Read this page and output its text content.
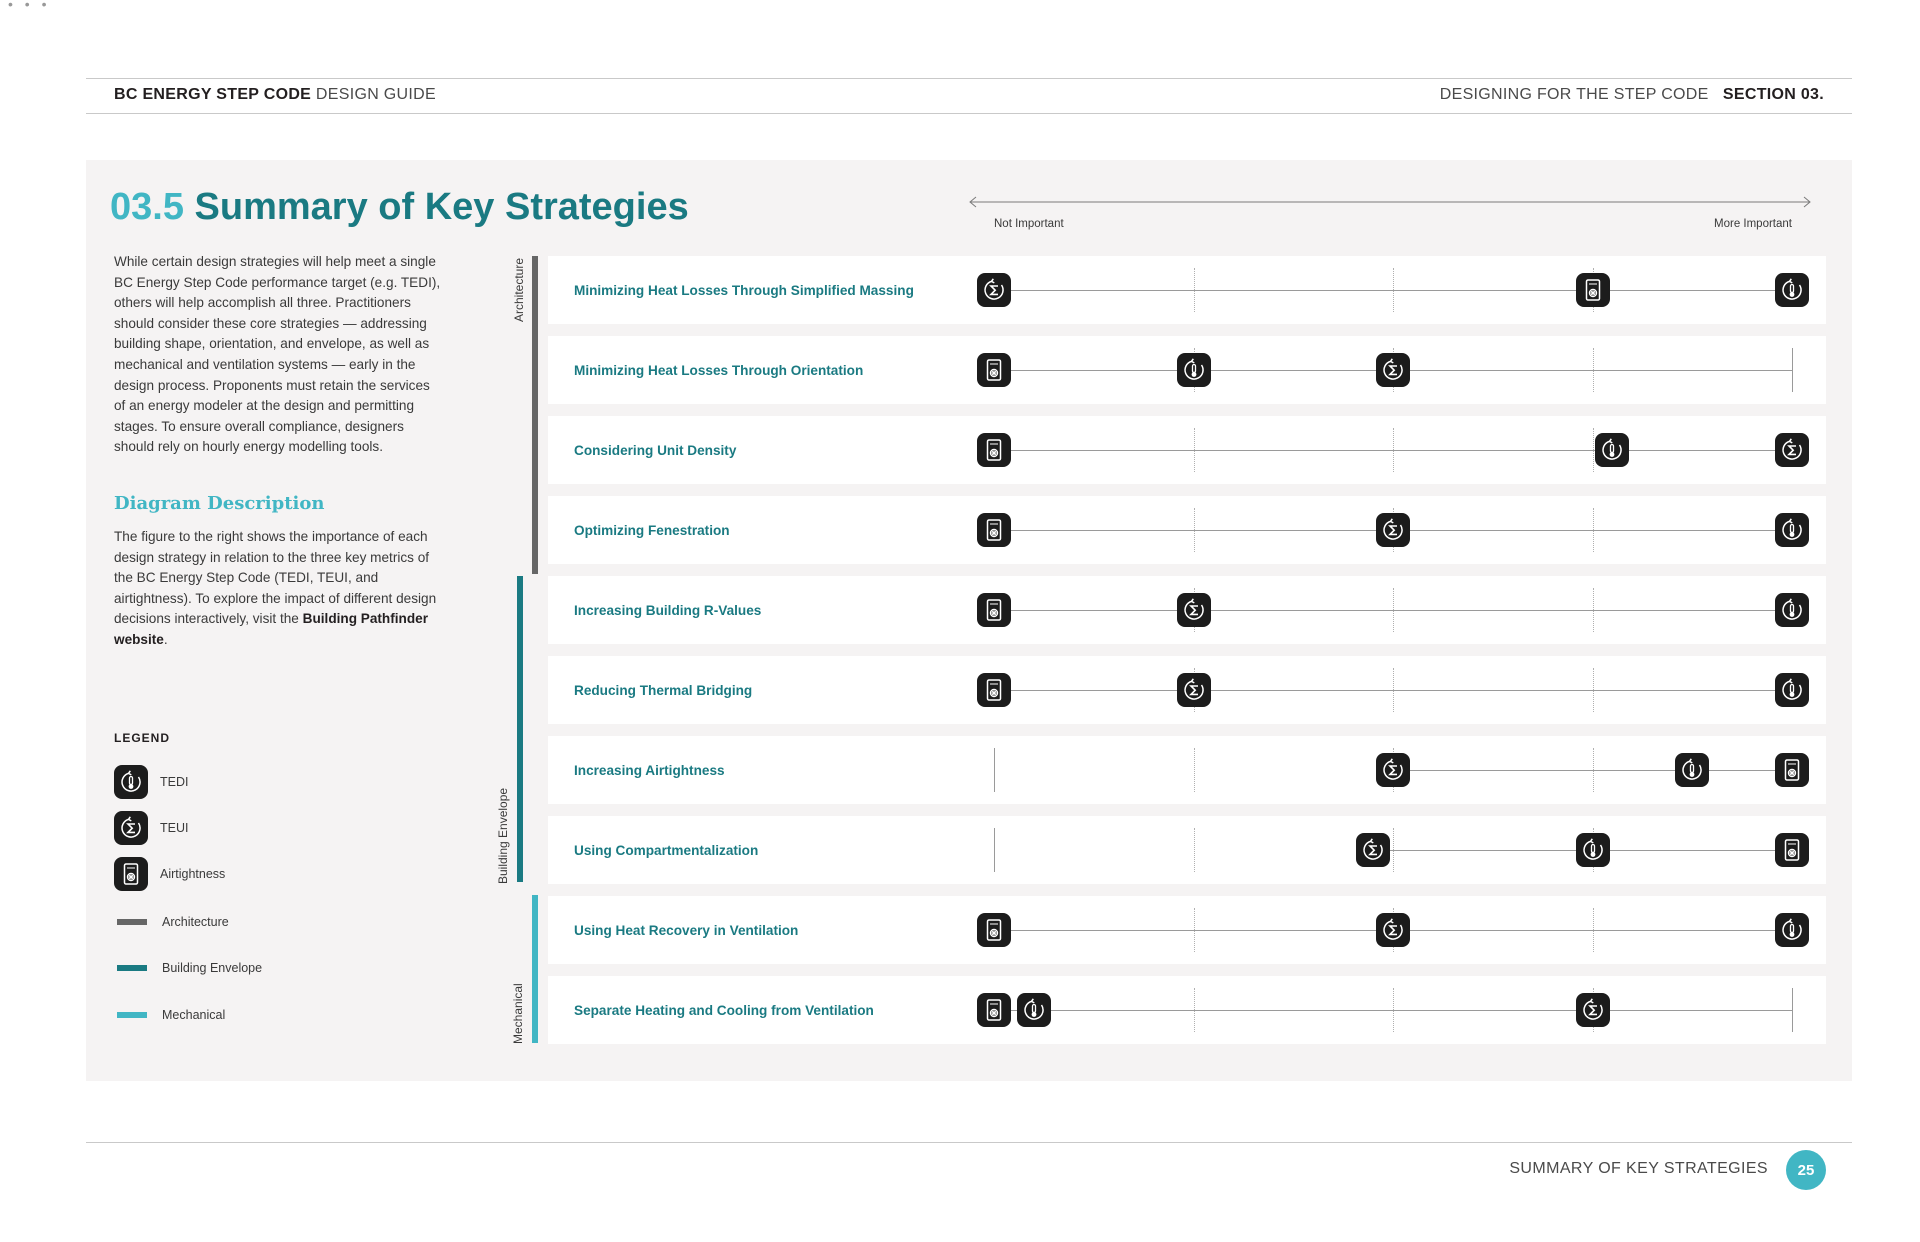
• • •
BC ENERGY STEP CODE DESIGN GUIDE	DESIGNING FOR THE STEP CODE SECTION 03.
03.5 Summary of Key Strategies

While certain design strategies will help meet a single BC Energy Step Code performance target (e.g. TEDI), others will help accomplish all three. Practitioners should consider these core strategies — addressing building shape, orientation, and envelope, as well as mechanical and ventilation systems — early in the design process. Proponents must retain the services of an energy modeler at the design and permitting stages. To ensure overall compliance, designers should rely on hourly energy modelling tools.

Diagram Description

The figure to the right shows the importance of each design strategy in relation to the three key metrics of the BC Energy Step Code (TEDI, TEUI, and airtightness). To explore the impact of different design decisions interactively, visit the Building Pathfinder website.

LEGEND
TEDI
TEUI
Airtightness
Architecture
Building Envelope
Mechanical
Not Important	More Important
Architecture
Building Envelope
Mechanical
Minimizing Heat Losses Through Simplified Massing
Minimizing Heat Losses Through Orientation
Considering Unit Density
Optimizing Fenestration
Increasing Building R-Values
Reducing Thermal Bridging
Increasing Airtightness
Using Compartmentalization
Using Heat Recovery in Ventilation
Separate Heating and Cooling from Ventilation
SUMMARY OF KEY STRATEGIES	25
